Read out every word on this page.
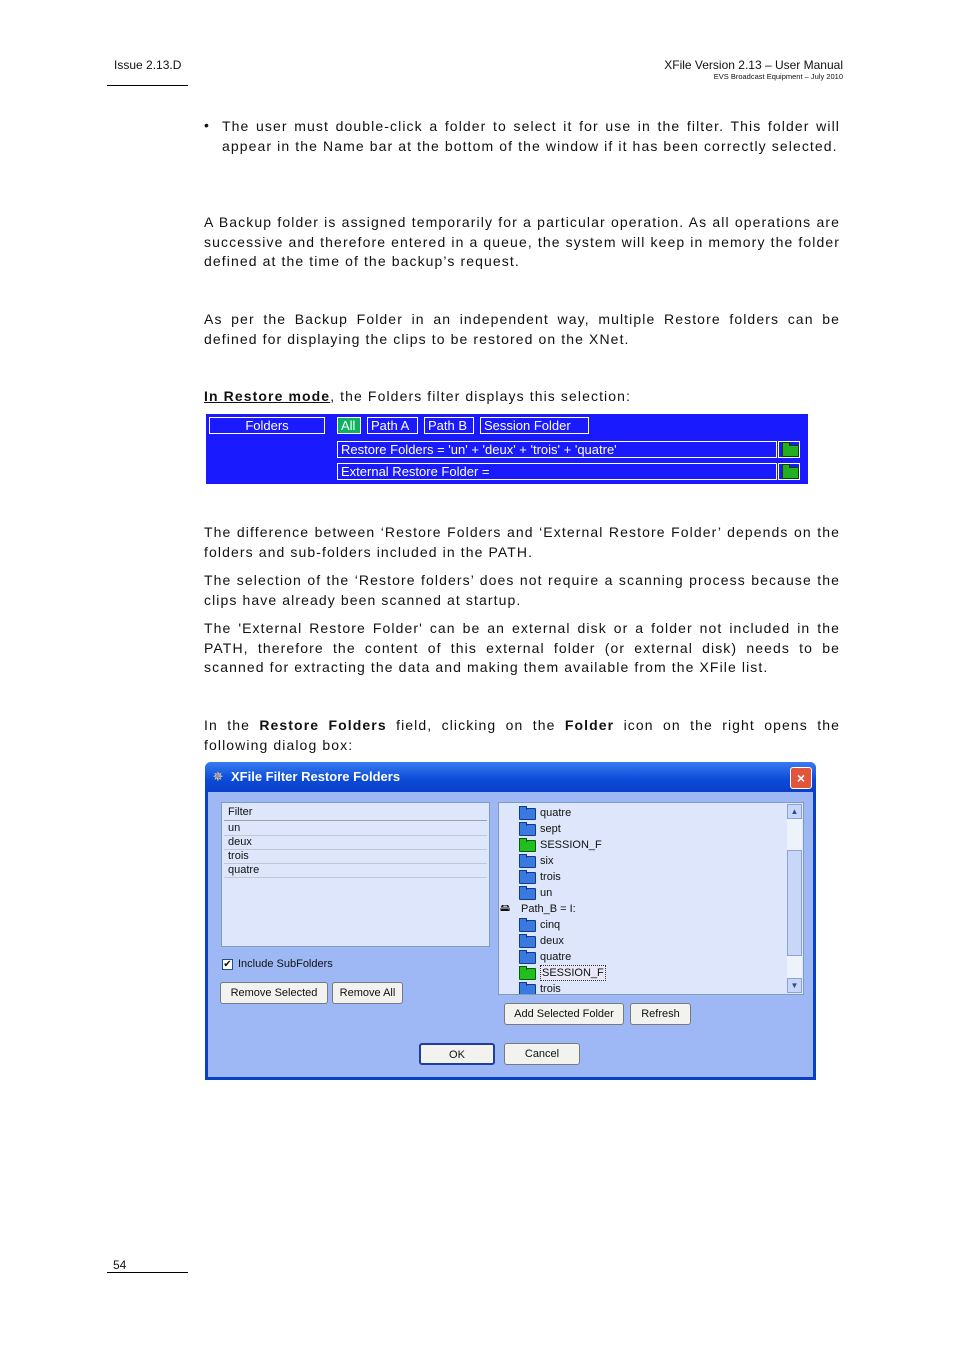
Issue 2.13.D	XFile Version 2.13 – User Manual
EVS Broadcast Equipment – July 2010
• The user must double-click a folder to select it for use in the filter. This folder will appear in the Name bar at the bottom of the window if it has been correctly selected.
A Backup folder is assigned temporarily for a particular operation. As all operations are successive and therefore entered in a queue, the system will keep in memory the folder defined at the time of the backup’s request.
As per the Backup Folder in an independent way, multiple Restore folders can be defined for displaying the clips to be restored on the XNet.
In Restore mode, the Folders filter displays this selection:
Folders	All	Path A	Path B	Session Folder
Restore Folders = 'un' + 'deux' + 'trois' + 'quatre'
External Restore Folder =
The difference between ‘Restore Folders and ‘External Restore Folder’ depends on the folders and sub-folders included in the PATH.
The selection of the ‘Restore folders’ does not require a scanning process because the clips have already been scanned at startup.
The 'External Restore Folder' can be an external disk or a folder not included in the PATH, therefore the content of this external folder (or external disk) needs to be scanned for extracting the data and making them available from the XFile list.
In the Restore Folders field, clicking on the Folder icon on the right opens the following dialog box:
✵ XFile Filter Restore Folders	×
Filter
un
deux
trois
quatre
✔ Include SubFolders
Remove Selected	Remove All
quatre
sept
SESSION_F
six
trois
un
🖴 Path_B = I:
cinq
deux
quatre
SESSION_F
trois
▲
▼
Add Selected Folder	Refresh
OK	Cancel
54
